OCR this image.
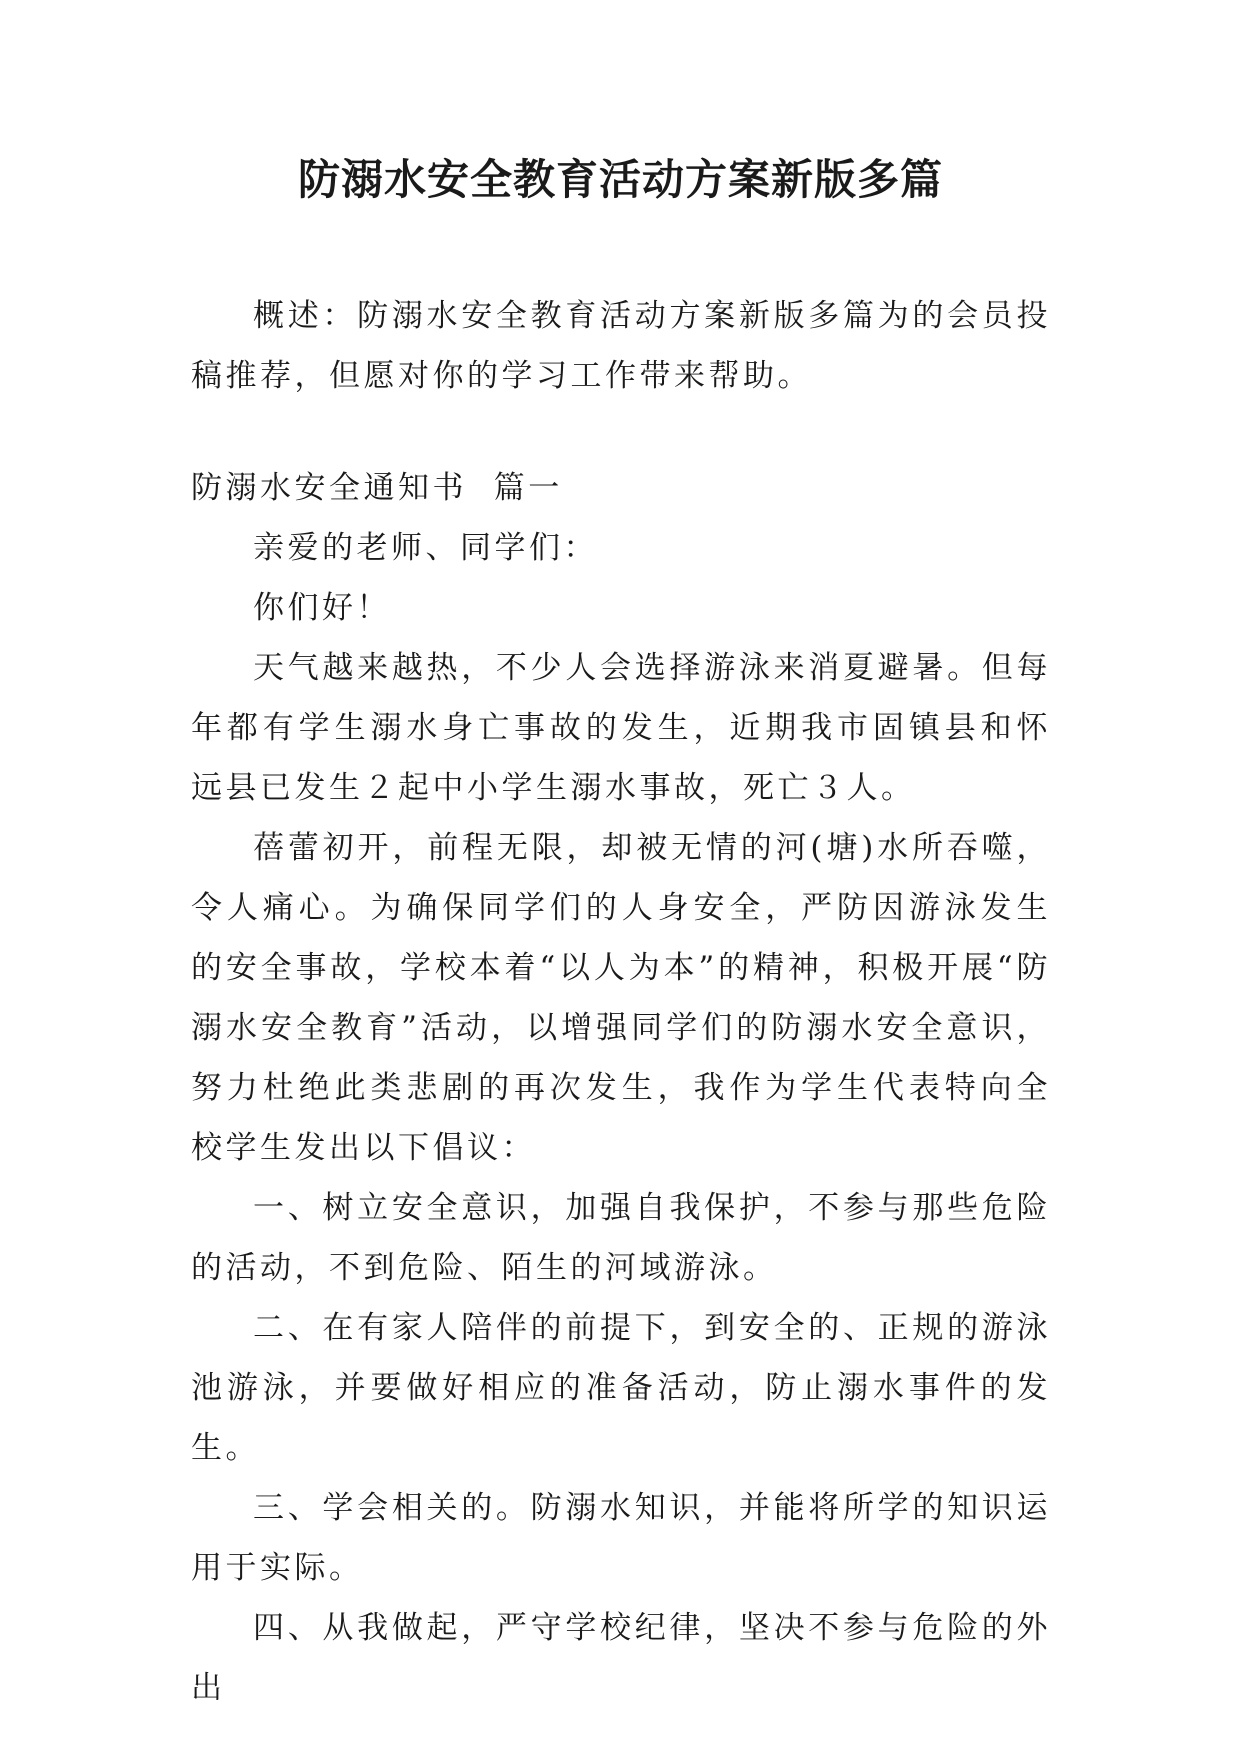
防溺水安全教育活动方案新版多篇

概述：防溺水安全教育活动方案新版多篇为的会员投稿推荐，但愿对你的学习工作带来帮助。

防溺水安全通知书  篇一

亲爱的老师、同学们：

你们好！

天气越来越热，不少人会选择游泳来消夏避暑。但每年都有学生溺水身亡事故的发生，近期我市固镇县和怀远县已发生２起中小学生溺水事故，死亡３人。

蓓蕾初开，前程无限，却被无情的河(塘)水所吞噬，令人痛心。为确保同学们的人身安全，严防因游泳发生的安全事故，学校本着“以人为本”的精神，积极开展“防溺水安全教育”活动，以增强同学们的防溺水安全意识，努力杜绝此类悲剧的再次发生，我作为学生代表特向全校学生发出以下倡议：

一、树立安全意识，加强自我保护，不参与那些危险的活动，不到危险、陌生的河域游泳。

二、在有家人陪伴的前提下，到安全的、正规的游泳池游泳，并要做好相应的准备活动，防止溺水事件的发生。

三、学会相关的。防溺水知识，并能将所学的知识运用于实际。

四、从我做起，严守学校纪律，坚决不参与危险的外出
